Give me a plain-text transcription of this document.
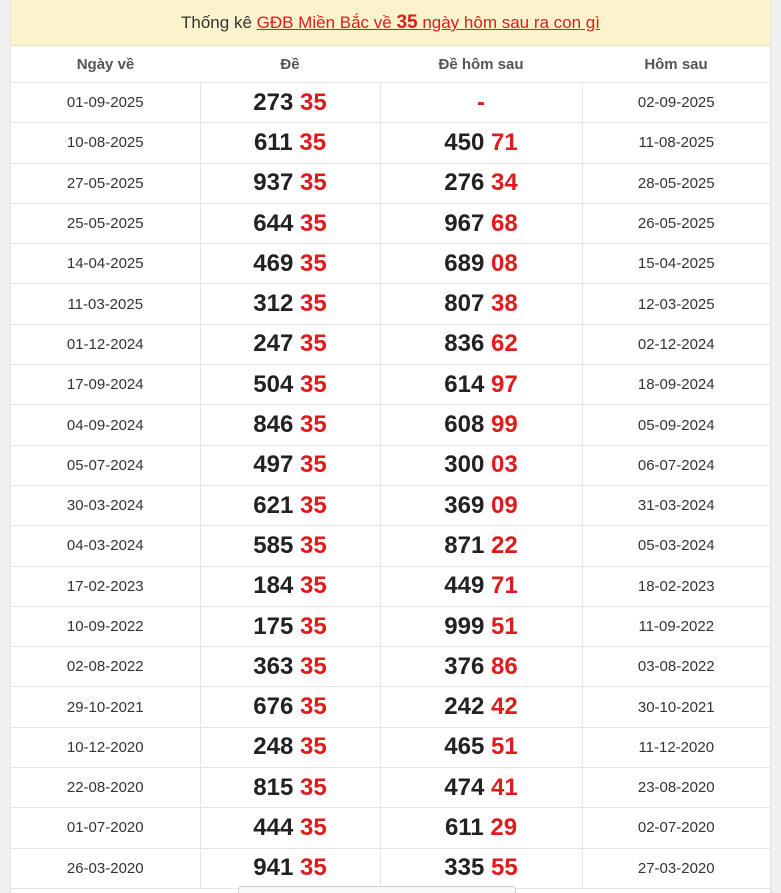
Thống kê GĐB Miền Bắc về 35 ngày hôm sau ra con gì
Ngày về	Đề	Đề hôm sau	Hôm sau
01-09-2025	273 35	-	02-09-2025
10-08-2025	611 35	450 71	11-08-2025
27-05-2025	937 35	276 34	28-05-2025
25-05-2025	644 35	967 68	26-05-2025
14-04-2025	469 35	689 08	15-04-2025
11-03-2025	312 35	807 38	12-03-2025
01-12-2024	247 35	836 62	02-12-2024
17-09-2024	504 35	614 97	18-09-2024
04-09-2024	846 35	608 99	05-09-2024
05-07-2024	497 35	300 03	06-07-2024
30-03-2024	621 35	369 09	31-03-2024
04-03-2024	585 35	871 22	05-03-2024
17-02-2023	184 35	449 71	18-02-2023
10-09-2022	175 35	999 51	11-09-2022
02-08-2022	363 35	376 86	03-08-2022
29-10-2021	676 35	242 42	30-10-2021
10-12-2020	248 35	465 51	11-12-2020
22-08-2020	815 35	474 41	23-08-2020
01-07-2020	444 35	611 29	02-07-2020
26-03-2020	941 35	335 55	27-03-2020
